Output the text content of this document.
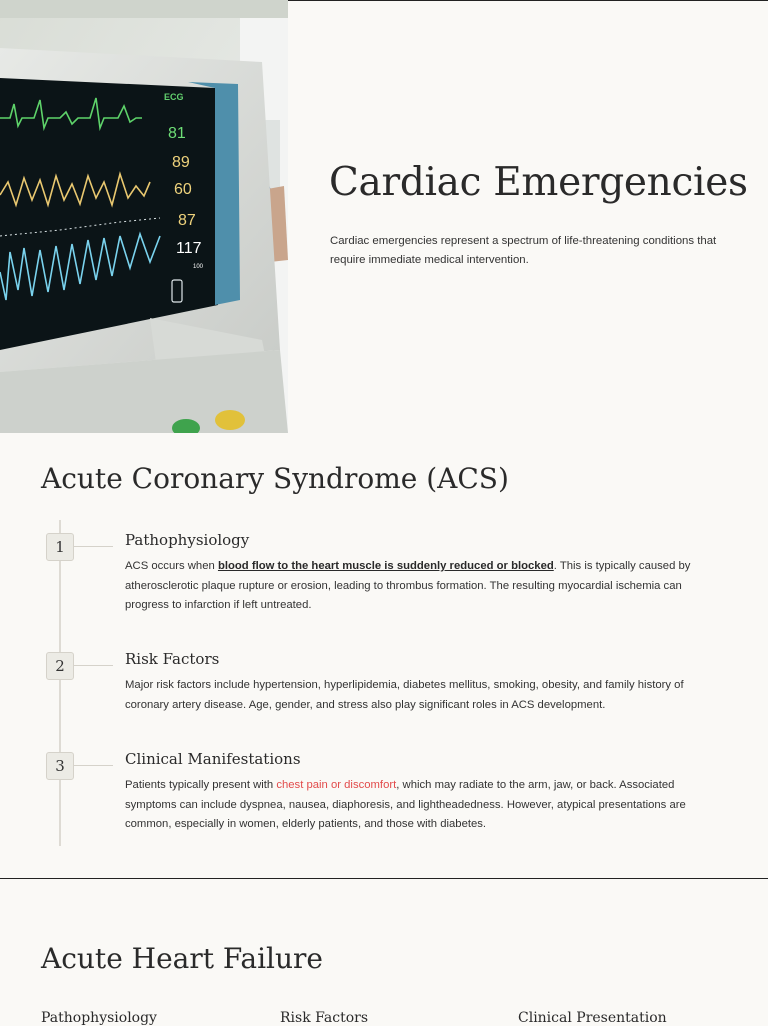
ECG
81
89
60
87
117
100
Cardiac Emergencies

Cardiac emergencies represent a spectrum of life-threatening conditions that require immediate medical intervention.

Acute Coronary Syndrome (ACS)
1	Pathophysiology

ACS occurs when blood flow to the heart muscle is suddenly reduced or blocked. This is typically caused by atherosclerotic plaque rupture or erosion, leading to thrombus formation. The resulting myocardial ischemia can progress to infarction if left untreated.

2	Risk Factors

Major risk factors include hypertension, hyperlipidemia, diabetes mellitus, smoking, obesity, and family history of coronary artery disease. Age, gender, and stress also play significant roles in ACS development.

3	Clinical Manifestations

Patients typically present with chest pain or discomfort, which may radiate to the arm, jaw, or back. Associated symptoms can include dyspnea, nausea, diaphoresis, and lightheadedness. However, atypical presentations are common, especially in women, elderly patients, and those with diabetes.

Acute Heart Failure
Pathophysiology	Risk Factors	Clinical Presentation
